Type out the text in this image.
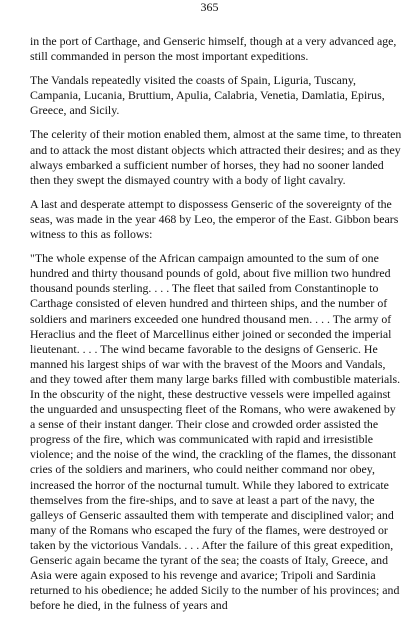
365

in the port of Carthage, and Genseric himself, though at a very advanced age, still commanded in person the most important expeditions.

The Vandals repeatedly visited the coasts of Spain, Liguria, Tuscany, Campania, Lucania, Bruttium, Apulia, Calabria, Venetia, Damlatia, Epirus, Greece, and Sicily.

The celerity of their motion enabled them, almost at the same time, to threaten and to attack the most distant objects which attracted their desires; and as they always embarked a sufficient number of horses, they had no sooner landed then they swept the dismayed country with a body of light cavalry.

A last and desperate attempt to dispossess Genseric of the sovereignty of the seas, was made in the year 468 by Leo, the emperor of the East. Gibbon bears witness to this as follows:

"The whole expense of the African campaign amounted to the sum of one hundred and thirty thousand pounds of gold, about five million two hundred thousand pounds sterling. . . . The fleet that sailed from Constantinople to Carthage consisted of eleven hundred and thirteen ships, and the number of soldiers and mariners exceeded one hundred thousand men. . . . The army of Heraclius and the fleet of Marcellinus either joined or seconded the imperial lieutenant. . . . The wind became favorable to the designs of Genseric. He manned his largest ships of war with the bravest of the Moors and Vandals, and they towed after them many large barks filled with combustible materials. In the obscurity of the night, these destructive vessels were impelled against the unguarded and unsuspecting fleet of the Romans, who were awakened by a sense of their instant danger. Their close and crowded order assisted the progress of the fire, which was communicated with rapid and irresistible violence; and the noise of the wind, the crackling of the flames, the dissonant cries of the soldiers and mariners, who could neither command nor obey, increased the horror of the nocturnal tumult. While they labored to extricate themselves from the fire-ships, and to save at least a part of the navy, the galleys of Genseric assaulted them with temperate and disciplined valor; and many of the Romans who escaped the fury of the flames, were destroyed or taken by the victorious Vandals. . . . After the failure of this great expedition, Genseric again became the tyrant of the sea; the coasts of Italy, Greece, and Asia were again exposed to his revenge and avarice; Tripoli and Sardinia returned to his obedience; he added Sicily to the number of his provinces; and before he died, in the fulness of years and
